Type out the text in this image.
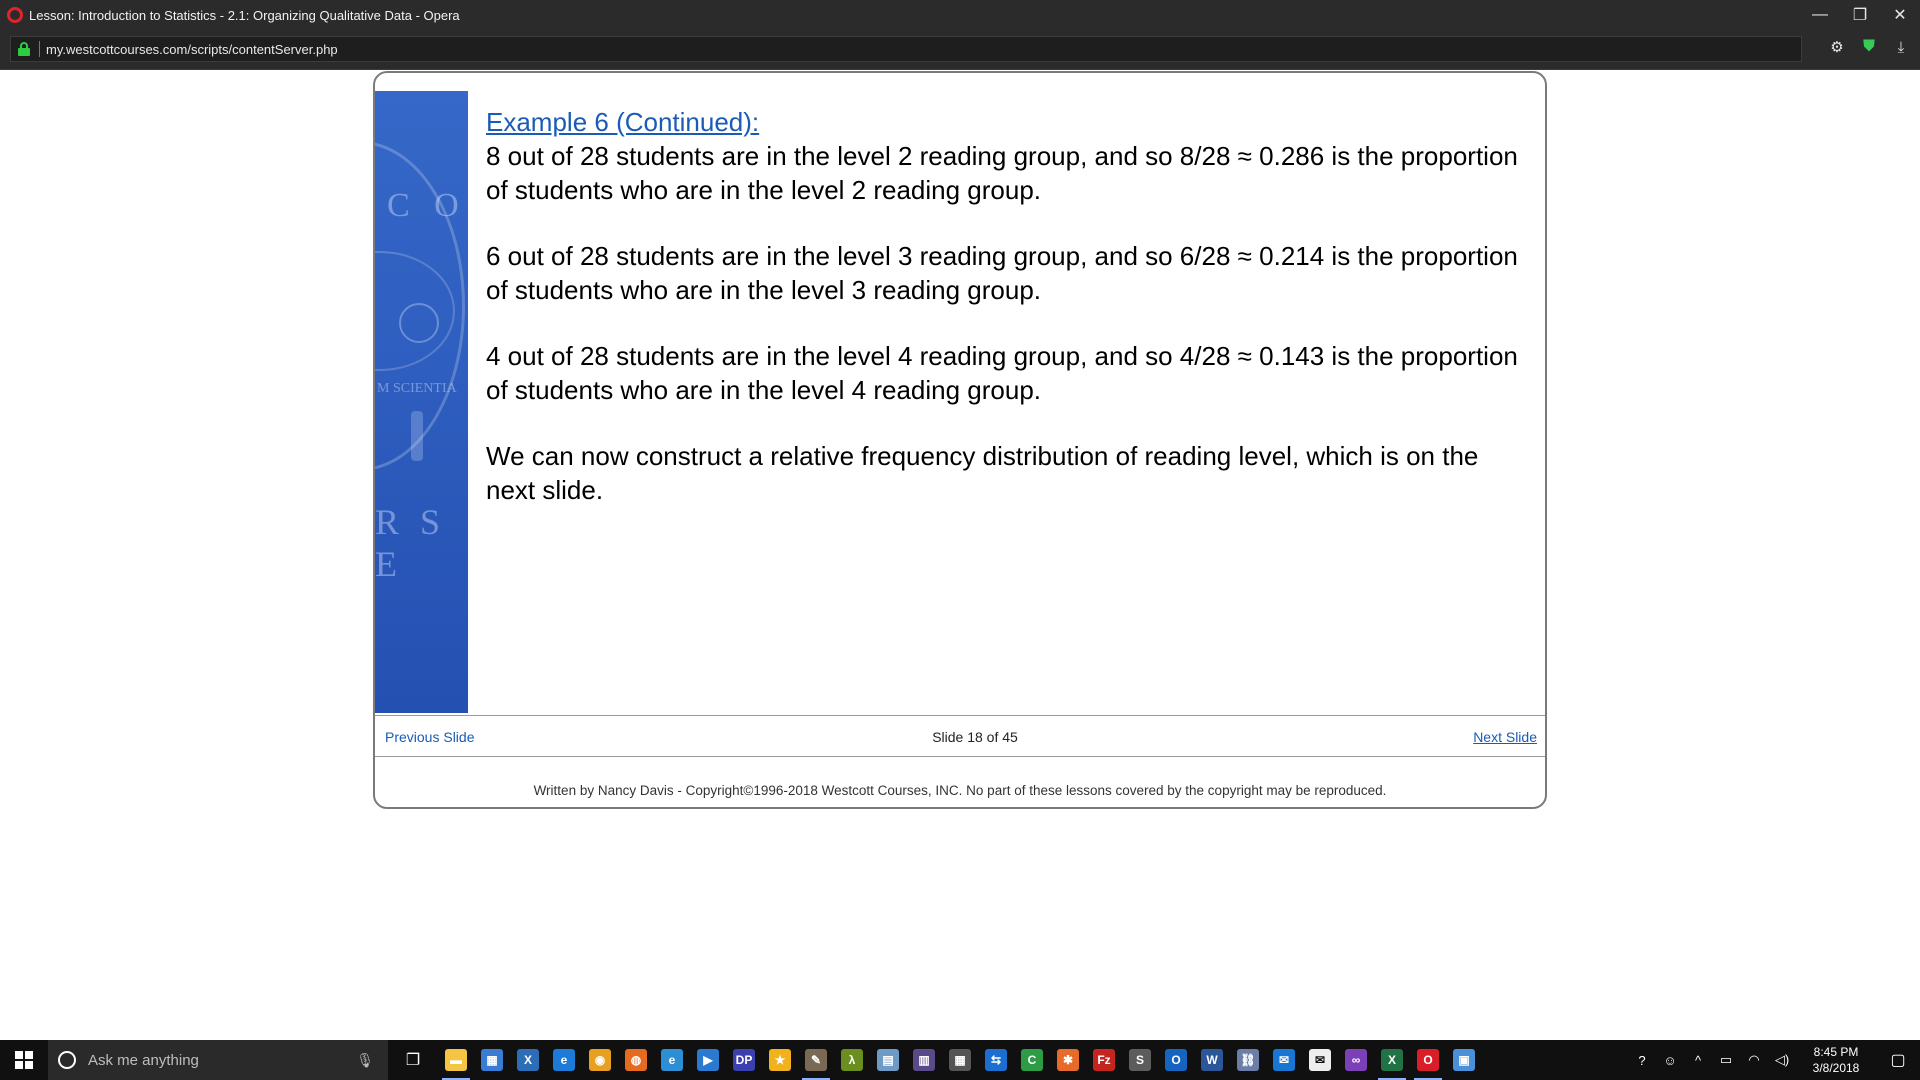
Lesson: Introduction to Statistics - 2.1: Organizing Qualitative Data - Opera	—	❐	✕
my.westcottcourses.com/scripts/contentServer.php	⚙ ⛊	⤓
C O
M SCIENTIA
R S E
Example 6 (Continued):
8 out of 28 students are in the level 2 reading group, and so 8/28 ≈ 0.286 is the proportion of students who are in the level 2 reading group.
6 out of 28 students are in the level 3 reading group, and so 6/28 ≈ 0.214 is the proportion of students who are in the level 3 reading group.
4 out of 28 students are in the level 4 reading group, and so 4/28 ≈ 0.143 is the proportion of students who are in the level 4 reading group.
We can now construct a relative frequency distribution of reading level, which is on the next slide.
Previous Slide	Slide 18 of 45	Next Slide
Written by Nancy Davis - Copyright©1996-2018 Westcott Courses, INC. No part of these lessons covered by the copyright may be reproduced.
Ask me anything	🎙	❐	▬	▦	X	e	◉	◍	e	▶	DP	★	✎	λ	▤	▥	▦	⇆	C	✱	Fz	S	O	W	⛓	✉	✉	∞	X	O	▣	?	☺	^	▭	◠	◁)	8:45 PM
3/8/2018	▢
